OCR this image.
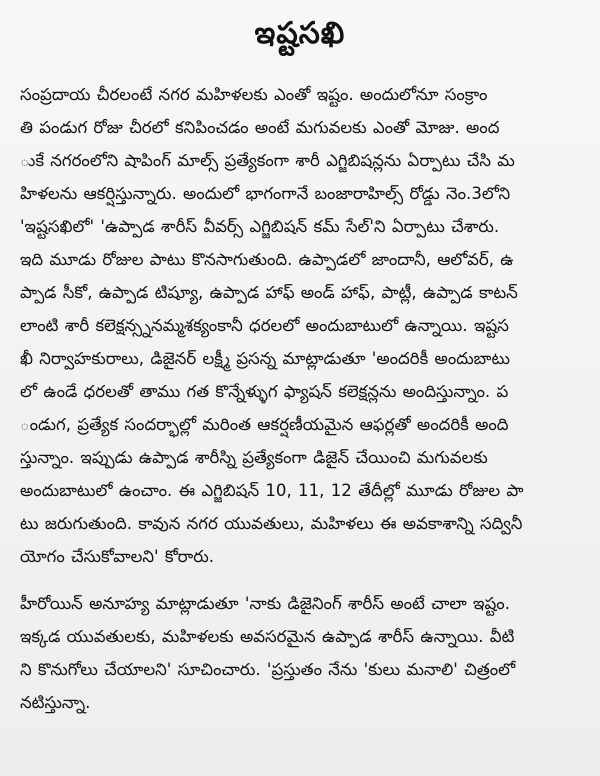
ఇష్టసఖి
సంప్రదాయ చీరలంటే నగర మహిళలకు ఎంతో ఇష్టం. అందులోనూ సంక్రాం
తి పండుగ రోజు చీరలో కనిపించడం అంటే మగువలకు ఎంతో మోజు. అంద
ుకే నగరంలోని షాపింగ్ మాల్స్ ప్రత్యేకంగా శారీ ఎగ్జిబిషన్లను ఏర్పాటు చేసి మ
హిళలను ఆకర్షిస్తున్నారు. అందులో భాగంగానే బంజారాహిల్స్ రోడ్డు నెం.3లోని
'ఇష్టసఖిలో' 'ఉప్పాడ శారీస్ వీవర్స్ ఎగ్జిబిషన్ కమ్ సేల్'ని ఏర్పాటు చేశారు.
ఇది మూడు రోజుల పాటు కొనసాగుతుంది. ఉప్పాడలో జాందానీ, ఆలోవర్, ఉ
ప్పాడ సీకో, ఉప్పాడ టిష్యూ, ఉప్పాడ హాఫ్ అండ్ హాఫ్, పాట్లీ, ఉప్పాడ కాటన్
లాంటి శారీ కలెక్షన్స్ననమ్మశక్యంకానీ ధరలలో అందుబాటులో ఉన్నాయి. ఇష్టస
ఖీ నిర్వాహకురాలు, డిజైనర్ లక్ష్మీ ప్రసన్న మాట్లాడుతూ 'అందరికీ అందుబాటు
లో ఉండే ధరలతో తాము గత కొన్నేళ్ళుగ ఫ్యాషన్ కలెక్షన్లను అందిస్తున్నాం. ప
ండుగ, ప్రత్యేక సందర్భాల్లో మరింత ఆకర్షణీయమైన ఆఫర్లతో అందరికీ అంది
స్తున్నాం. ఇప్పుడు ఉప్పాడ శారీస్ని ప్రత్యేకంగా డిజైన్ చేయించి మగువలకు
అందుబాటులో ఉంచాం. ఈ ఎగ్జిబిషన్ 10, 11, 12 తేదీల్లో మూడు రోజుల పా
టు జరుగుతుంది. కావున నగర యువతులు, మహిళలు ఈ అవకాశాన్ని సద్వినీ
యోగం చేసుకోవాలని' కోరారు.
హీరోయిన్ అనూహ్య మాట్లాడుతూ 'నాకు డిజైనింగ్ శారీస్ అంటే చాలా ఇష్టం.
ఇక్కడ యువతులకు, మహిళలకు అవసరమైన ఉప్పాడ శారీస్ ఉన్నాయి. వీటి
ని కొనుగోలు చేయాలని' సూచించారు. 'ప్రస్తుతం నేను 'కులు మనాలి' చిత్రంలో
నటిస్తున్నా.
